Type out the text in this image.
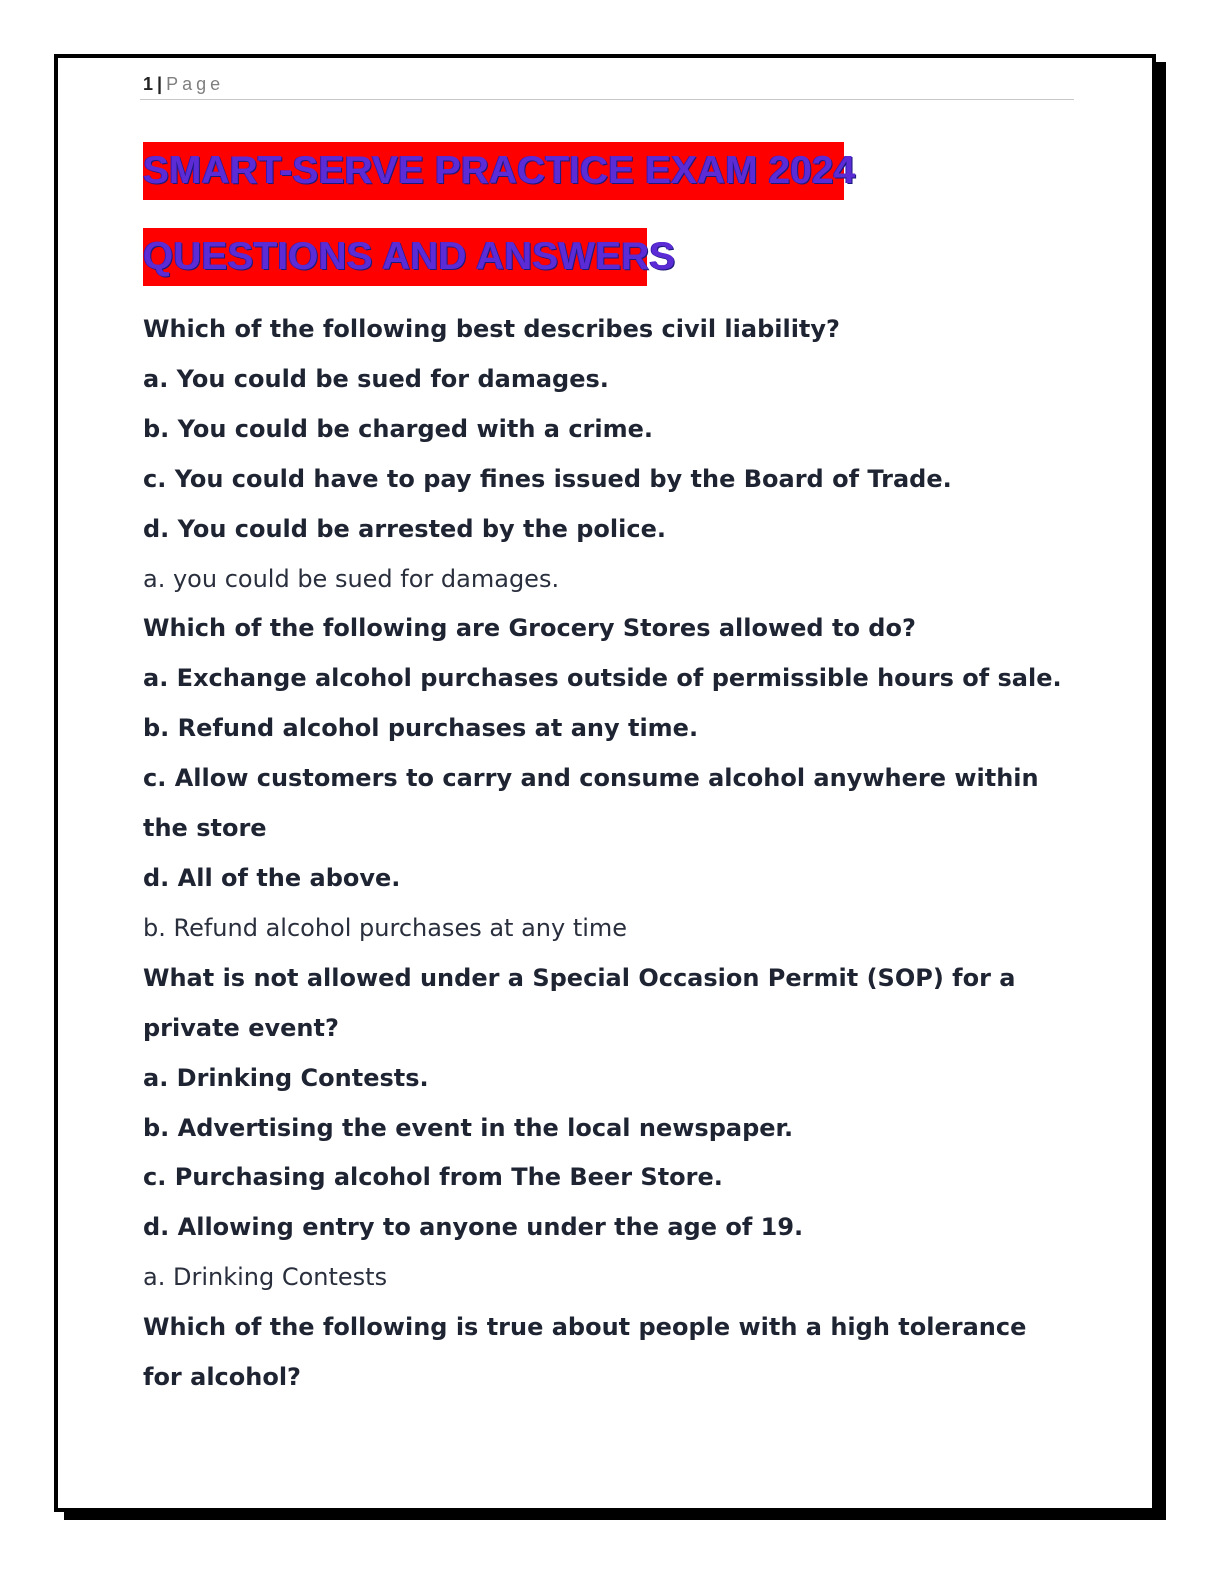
1 | Page
SMART-SERVE PRACTICE EXAM 2024
QUESTIONS AND ANSWERS

Which of the following best describes civil liability?

a. You could be sued for damages.

b. You could be charged with a crime.

c. You could have to pay fines issued by the Board of Trade.

d. You could be arrested by the police.

a. you could be sued for damages.

Which of the following are Grocery Stores allowed to do?

a. Exchange alcohol purchases outside of permissible hours of sale.

b. Refund alcohol purchases at any time.

c. Allow customers to carry and consume alcohol anywhere within the store

d. All of the above.

b. Refund alcohol purchases at any time

What is not allowed under a Special Occasion Permit (SOP) for a private event?

a. Drinking Contests.

b. Advertising the event in the local newspaper.

c. Purchasing alcohol from The Beer Store.

d. Allowing entry to anyone under the age of 19.

a. Drinking Contests

Which of the following is true about people with a high tolerance for alcohol?
